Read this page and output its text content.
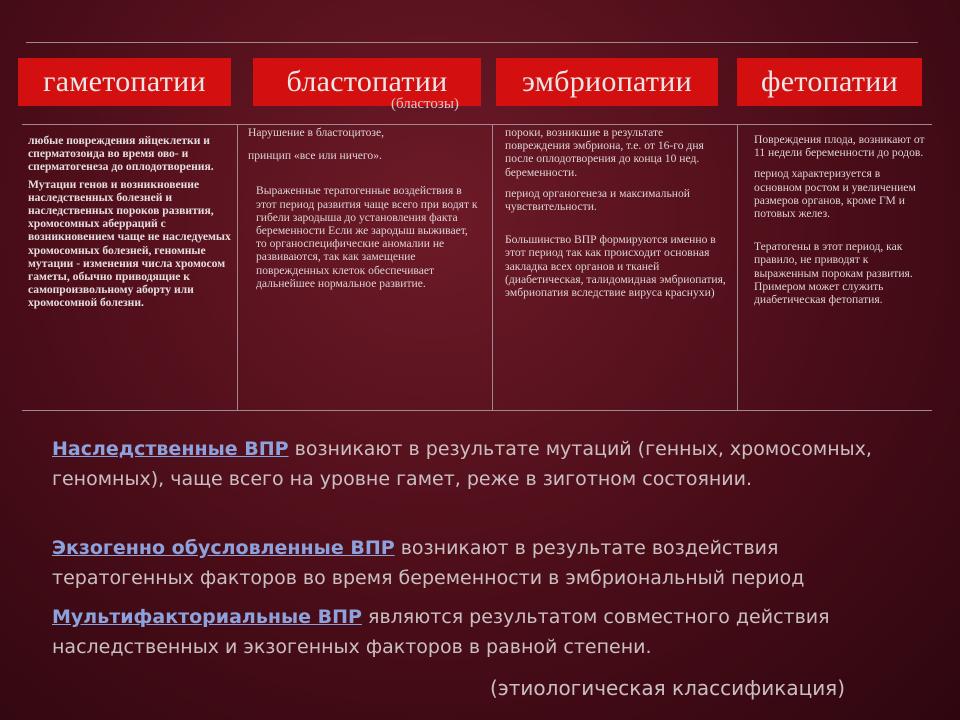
гаметопатии	бластопатии
(бластозы)
эмбриопатии	фетопатии

любые повреждения яйцеклетки и сперматозоида во время ово- и сперматогенеза до оплодотворения.

Мутации генов и возникновение наследственных болезней и наследственных пороков развития, хромосомных аберраций с возникновением чаще не наследуемых хромосомных болезней, геномные мутации - изменения числа хромосом гаметы, обычно приводящие к самопроизвольному аборту или хромосомной болезни.

Нарушение в бластоцитозе,

принцип «все или ничего».

Выраженные тератогенные воздействия в этот период развития чаще всего при водят к гибели зародыша до установления факта беременности Если же зародыш выживает, то органоспецифические аномалии не развиваются, так как замещение поврежденных клеток обеспечивает дальнейшее нормальное развитие.

пороки, возникшие в результате повреждения эмбриона, т.е. от 16-го дня после оплодотворения до конца 10 нед. беременности.

период органогенеза и максимальной чувствительности.

Большинство ВПР формируются именно в этот период так как происходит основная закладка всех органов и тканей (диабетическая, талидомидная эмбриопатия, эмбриопатия вследствие вируса краснухи)

Повреждения плода, возникают от 11 недели беременности до родов.

период характеризуется в основном ростом и увеличением размеров органов, кроме ГМ и потовых желез.

Тератогены в этот период, как правило, не приводят к выраженным порокам развития. Примером может служить диабетическая фетопатия.

Наследственные ВПР возникают в результате мутаций (генных, хромосомных, геномных), чаще всего на уровне гамет, реже в зиготном состоянии.
Экзогенно обусловленные ВПР возникают в результате воздействия тератогенных факторов во время беременности в эмбриональный период
Мультифакториальные ВПР являются результатом совместного действия наследственных и экзогенных факторов в равной степени.
(этиологическая классификация)
